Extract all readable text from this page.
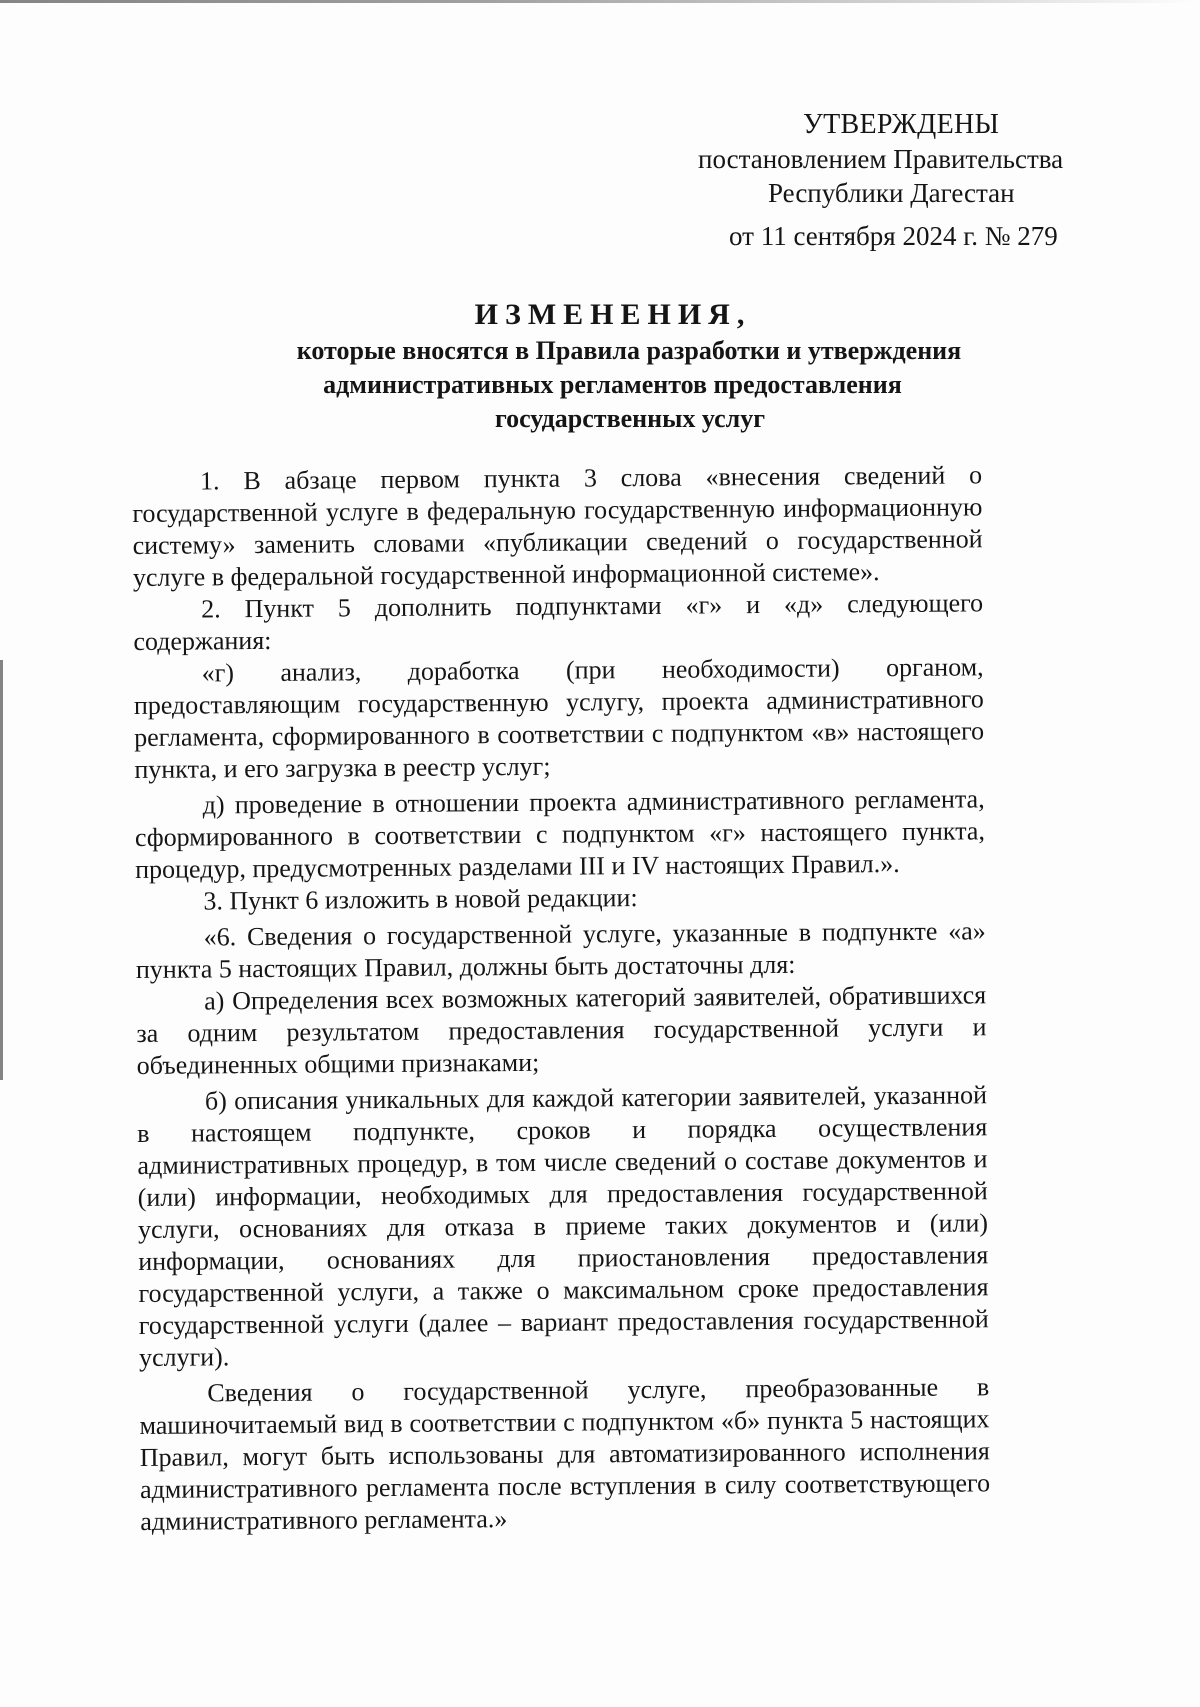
УТВЕРЖДЕНЫ
постановлением Правительства
Республики Дагестан
от 11 сентября 2024 г. № 279
ИЗМЕНЕНИЯ,
которые вносятся в Правила разработки и утверждения
административных регламентов предоставления
государственных услуг

1. В абзаце первом пункта 3 слова «внесения сведений о государственной услуге в федеральную государственную информационную систему» заменить словами «публикации сведений о государственной услуге в федеральной государственной информационной системе».

2. Пункт 5 дополнить подпунктами «г» и «д» следующего содержания:

«г) анализ, доработка (при необходимости) органом, предоставляющим государственную услугу, проекта административного регламента, сформированного в соответствии с подпунктом «в» настоящего пункта, и его загрузка в реестр услуг;

д) проведение в отношении проекта административного регламента, сформированного в соответствии с подпунктом «г» настоящего пункта, процедур, предусмотренных разделами III и IV настоящих Правил.».

3. Пункт 6 изложить в новой редакции:

«6. Сведения о государственной услуге, указанные в подпункте «а» пункта 5 настоящих Правил, должны быть достаточны для:

а) Определения всех возможных категорий заявителей, обратившихся за одним результатом предоставления государственной услуги и объединенных общими признаками;

б) описания уникальных для каждой категории заявителей, указанной в настоящем подпункте, сроков и порядка осуществления административных процедур, в том числе сведений о составе документов и (или) информации, необходимых для предоставления государственной услуги, основаниях для отказа в приеме таких документов и (или) информации, основаниях для приостановления предоставления государственной услуги, а также о максимальном сроке предоставления государственной услуги (далее – вариант предоставления государственной услуги).

Сведения о государственной услуге, преобразованные в машиночитаемый вид в соответствии с подпунктом «б» пункта 5 настоящих Правил, могут быть использованы для автоматизированного исполнения административного регламента после вступления в силу соответствующего административного регламента.»
